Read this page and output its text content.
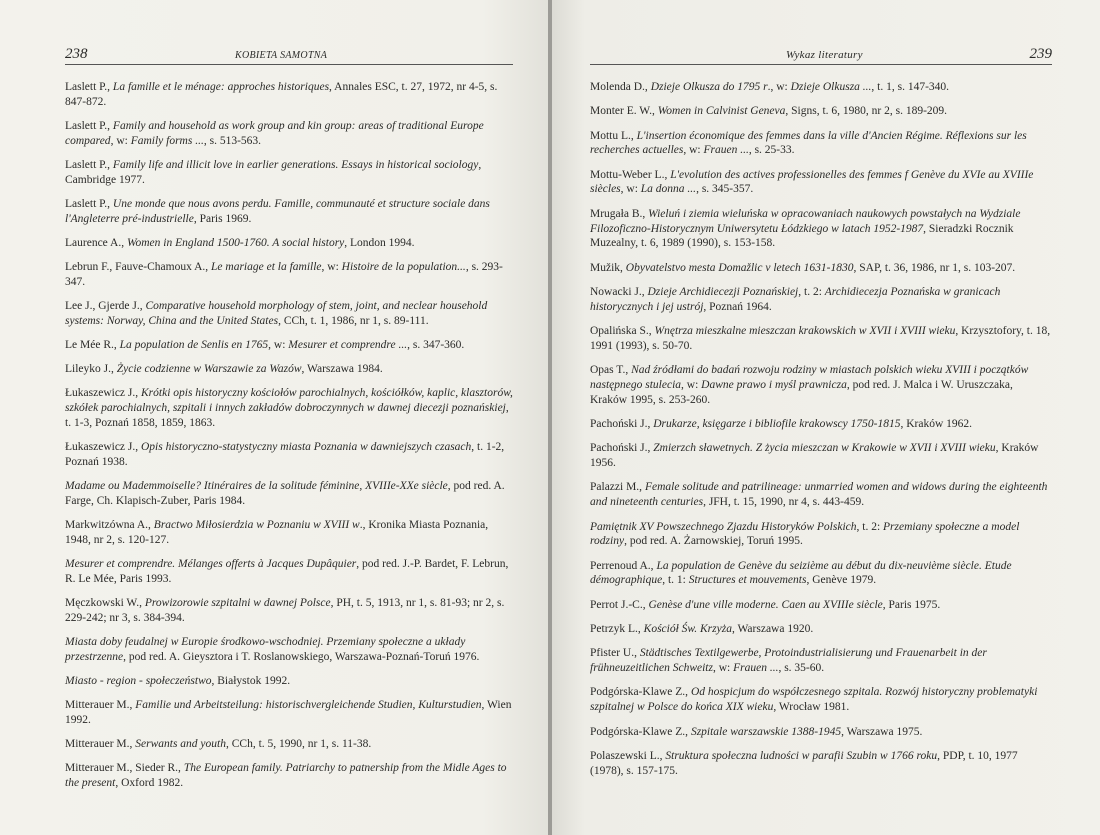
238	KOBIETA SAMOTNA
Laslett P., La famille et le ménage: approches historiques, Annales ESC, t. 27, 1972, nr 4-5, s. 847-872.
Laslett P., Family and household as work group and kin group: areas of traditional Europe compared, w: Family forms ..., s. 513-563.
Laslett P., Family life and illicit love in earlier generations. Essays in historical sociology, Cambridge 1977.
Laslett P., Une monde que nous avons perdu. Famille, communauté et structure sociale dans l'Angleterre pré-industrielle, Paris 1969.
Laurence A., Women in England 1500-1760. A social history, London 1994.
Lebrun F., Fauve-Chamoux A., Le mariage et la famille, w: Histoire de la population..., s. 293-347.
Lee J., Gjerde J., Comparative household morphology of stem, joint, and neclear household systems: Norway, China and the United States, CCh, t. 1, 1986, nr 1, s. 89-111.
Le Mée R., La population de Senlis en 1765, w: Mesurer et comprendre ..., s. 347-360.
Lileyko J., Życie codzienne w Warszawie za Wazów, Warszawa 1984.
Łukaszewicz J., Krótki opis historyczny kościołów parochialnych, kościółków, kaplic, klasztorów, szkółek parochialnych, szpitali i innych zakładów dobroczynnych w dawnej diecezji poznańskiej, t. 1-3, Poznań 1858, 1859, 1863.
Łukaszewicz J., Opis historyczno-statystyczny miasta Poznania w dawniejszych czasach, t. 1-2, Poznań 1938.
Madame ou Mademmoiselle? Itinéraires de la solitude féminine, XVIIIe-XXe siècle, pod red. A. Farge, Ch. Klapisch-Zuber, Paris 1984.
Markwitzówna A., Bractwo Miłosierdzia w Poznaniu w XVIII w., Kronika Miasta Poznania, 1948, nr 2, s. 120-127.
Mesurer et comprendre. Mélanges offerts à Jacques Dupâquier, pod red. J.-P. Bardet, F. Lebrun, R. Le Mée, Paris 1993.
Męczkowski W., Prowizorowie szpitalni w dawnej Polsce, PH, t. 5, 1913, nr 1, s. 81-93; nr 2, s. 229-242; nr 3, s. 384-394.
Miasta doby feudalnej w Europie środkowo-wschodniej. Przemiany społeczne a układy przestrzenne, pod red. A. Gieysztora i T. Roslanowskiego, Warszawa-Poznań-Toruń 1976.
Miasto - region - społeczeństwo, Białystok 1992.
Mitterauer M., Familie und Arbeitsteilung: historischvergleichende Studien, Kulturstudien, Wien 1992.
Mitterauer M., Serwants and youth, CCh, t. 5, 1990, nr 1, s. 11-38.
Mitterauer M., Sieder R., The European family. Patriarchy to patnership from the Midle Ages to the present, Oxford 1982.
Wykaz literatury	239
Molenda D., Dzieje Olkusza do 1795 r., w: Dzieje Olkusza ..., t. 1, s. 147-340.
Monter E. W., Women in Calvinist Geneva, Signs, t. 6, 1980, nr 2, s. 189-209.
Mottu L., L'insertion économique des femmes dans la ville d'Ancien Régime. Réflexions sur les recherches actuelles, w: Frauen ..., s. 25-33.
Mottu-Weber L., L'evolution des actives professionelles des femmes f Genève du XVIe au XVIIIe siècles, w: La donna ..., s. 345-357.
Mrugała B., Wieluń i ziemia wieluńska w opracowaniach naukowych powstałych na Wydziale Filozoficzno-Historycznym Uniwersytetu Łódzkiego w latach 1952-1987, Sieradzki Rocznik Muzealny, t. 6, 1989 (1990), s. 153-158.
Mužik, Obyvatelstvo mesta Domažlic v letech 1631-1830, SAP, t. 36, 1986, nr 1, s. 103-207.
Nowacki J., Dzieje Archidiecezji Poznańskiej, t. 2: Archidiecezja Poznańska w granicach historycznych i jej ustrój, Poznań 1964.
Opalińska S., Wnętrza mieszkalne mieszczan krakowskich w XVII i XVIII wieku, Krzysztofory, t. 18, 1991 (1993), s. 50-70.
Opas T., Nad źródłami do badań rozwoju rodziny w miastach polskich wieku XVIII i początków następnego stulecia, w: Dawne prawo i myśl prawnicza, pod red. J. Malca i W. Uruszczaka, Kraków 1995, s. 253-260.
Pachoński J., Drukarze, księgarze i bibliofile krakowscy 1750-1815, Kraków 1962.
Pachoński J., Zmierzch sławetnych. Z życia mieszczan w Krakowie w XVII i XVIII wieku, Kraków 1956.
Palazzi M., Female solitude and patrilineage: unmarried women and widows during the eighteenth and nineteenth centuries, JFH, t. 15, 1990, nr 4, s. 443-459.
Pamiętnik XV Powszechnego Zjazdu Historyków Polskich, t. 2: Przemiany społeczne a model rodziny, pod red. A. Żarnowskiej, Toruń 1995.
Perrenoud A., La population de Genève du seizième au début du dix-neuvième siècle. Etude démographique, t. 1: Structures et mouvements, Genève 1979.
Perrot J.-C., Genèse d'une ville moderne. Caen au XVIIIe siècle, Paris 1975.
Petrzyk L., Kościół Św. Krzyża, Warszawa 1920.
Pfister U., Städtisches Textilgewerbe, Protoindustrialisierung und Frauenarbeit in der frühneuzeitlichen Schweitz, w: Frauen ..., s. 35-60.
Podgórska-Klawe Z., Od hospicjum do współczesnego szpitala. Rozwój historyczny problematyki szpitalnej w Polsce do końca XIX wieku, Wrocław 1981.
Podgórska-Klawe Z., Szpitale warszawskie 1388-1945, Warszawa 1975.
Polaszewski L., Struktura społeczna ludności w parafii Szubin w 1766 roku, PDP, t. 10, 1977 (1978), s. 157-175.
